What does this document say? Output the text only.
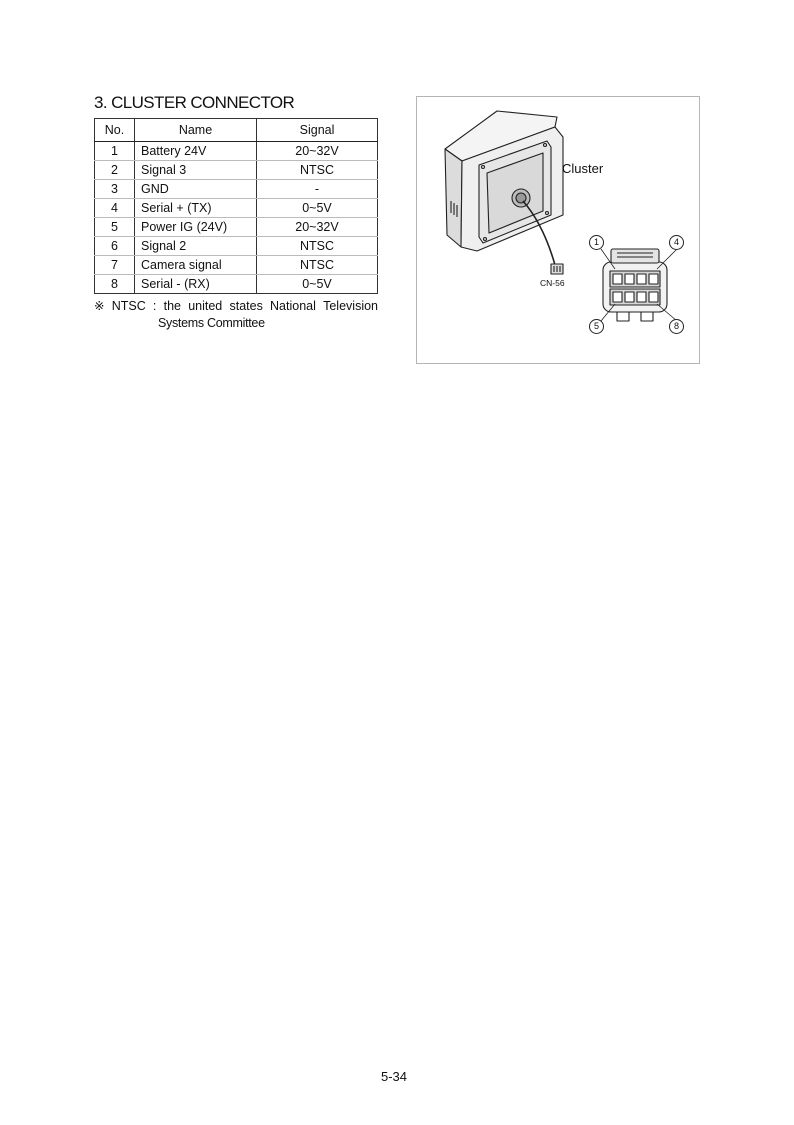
3. CLUSTER CONNECTOR
No.	Name	Signal
1	Battery 24V	20~32V
2	Signal 3	NTSC
3	GND	-
4	Serial + (TX)	0~5V
5	Power IG (24V)	20~32V
6	Signal 2	NTSC
7	Camera signal	NTSC
8	Serial - (RX)	0~5V
※ NTSC : the united states National Television
Systems Committee
Cluster
CN-56
1	4
5	8
5-34
